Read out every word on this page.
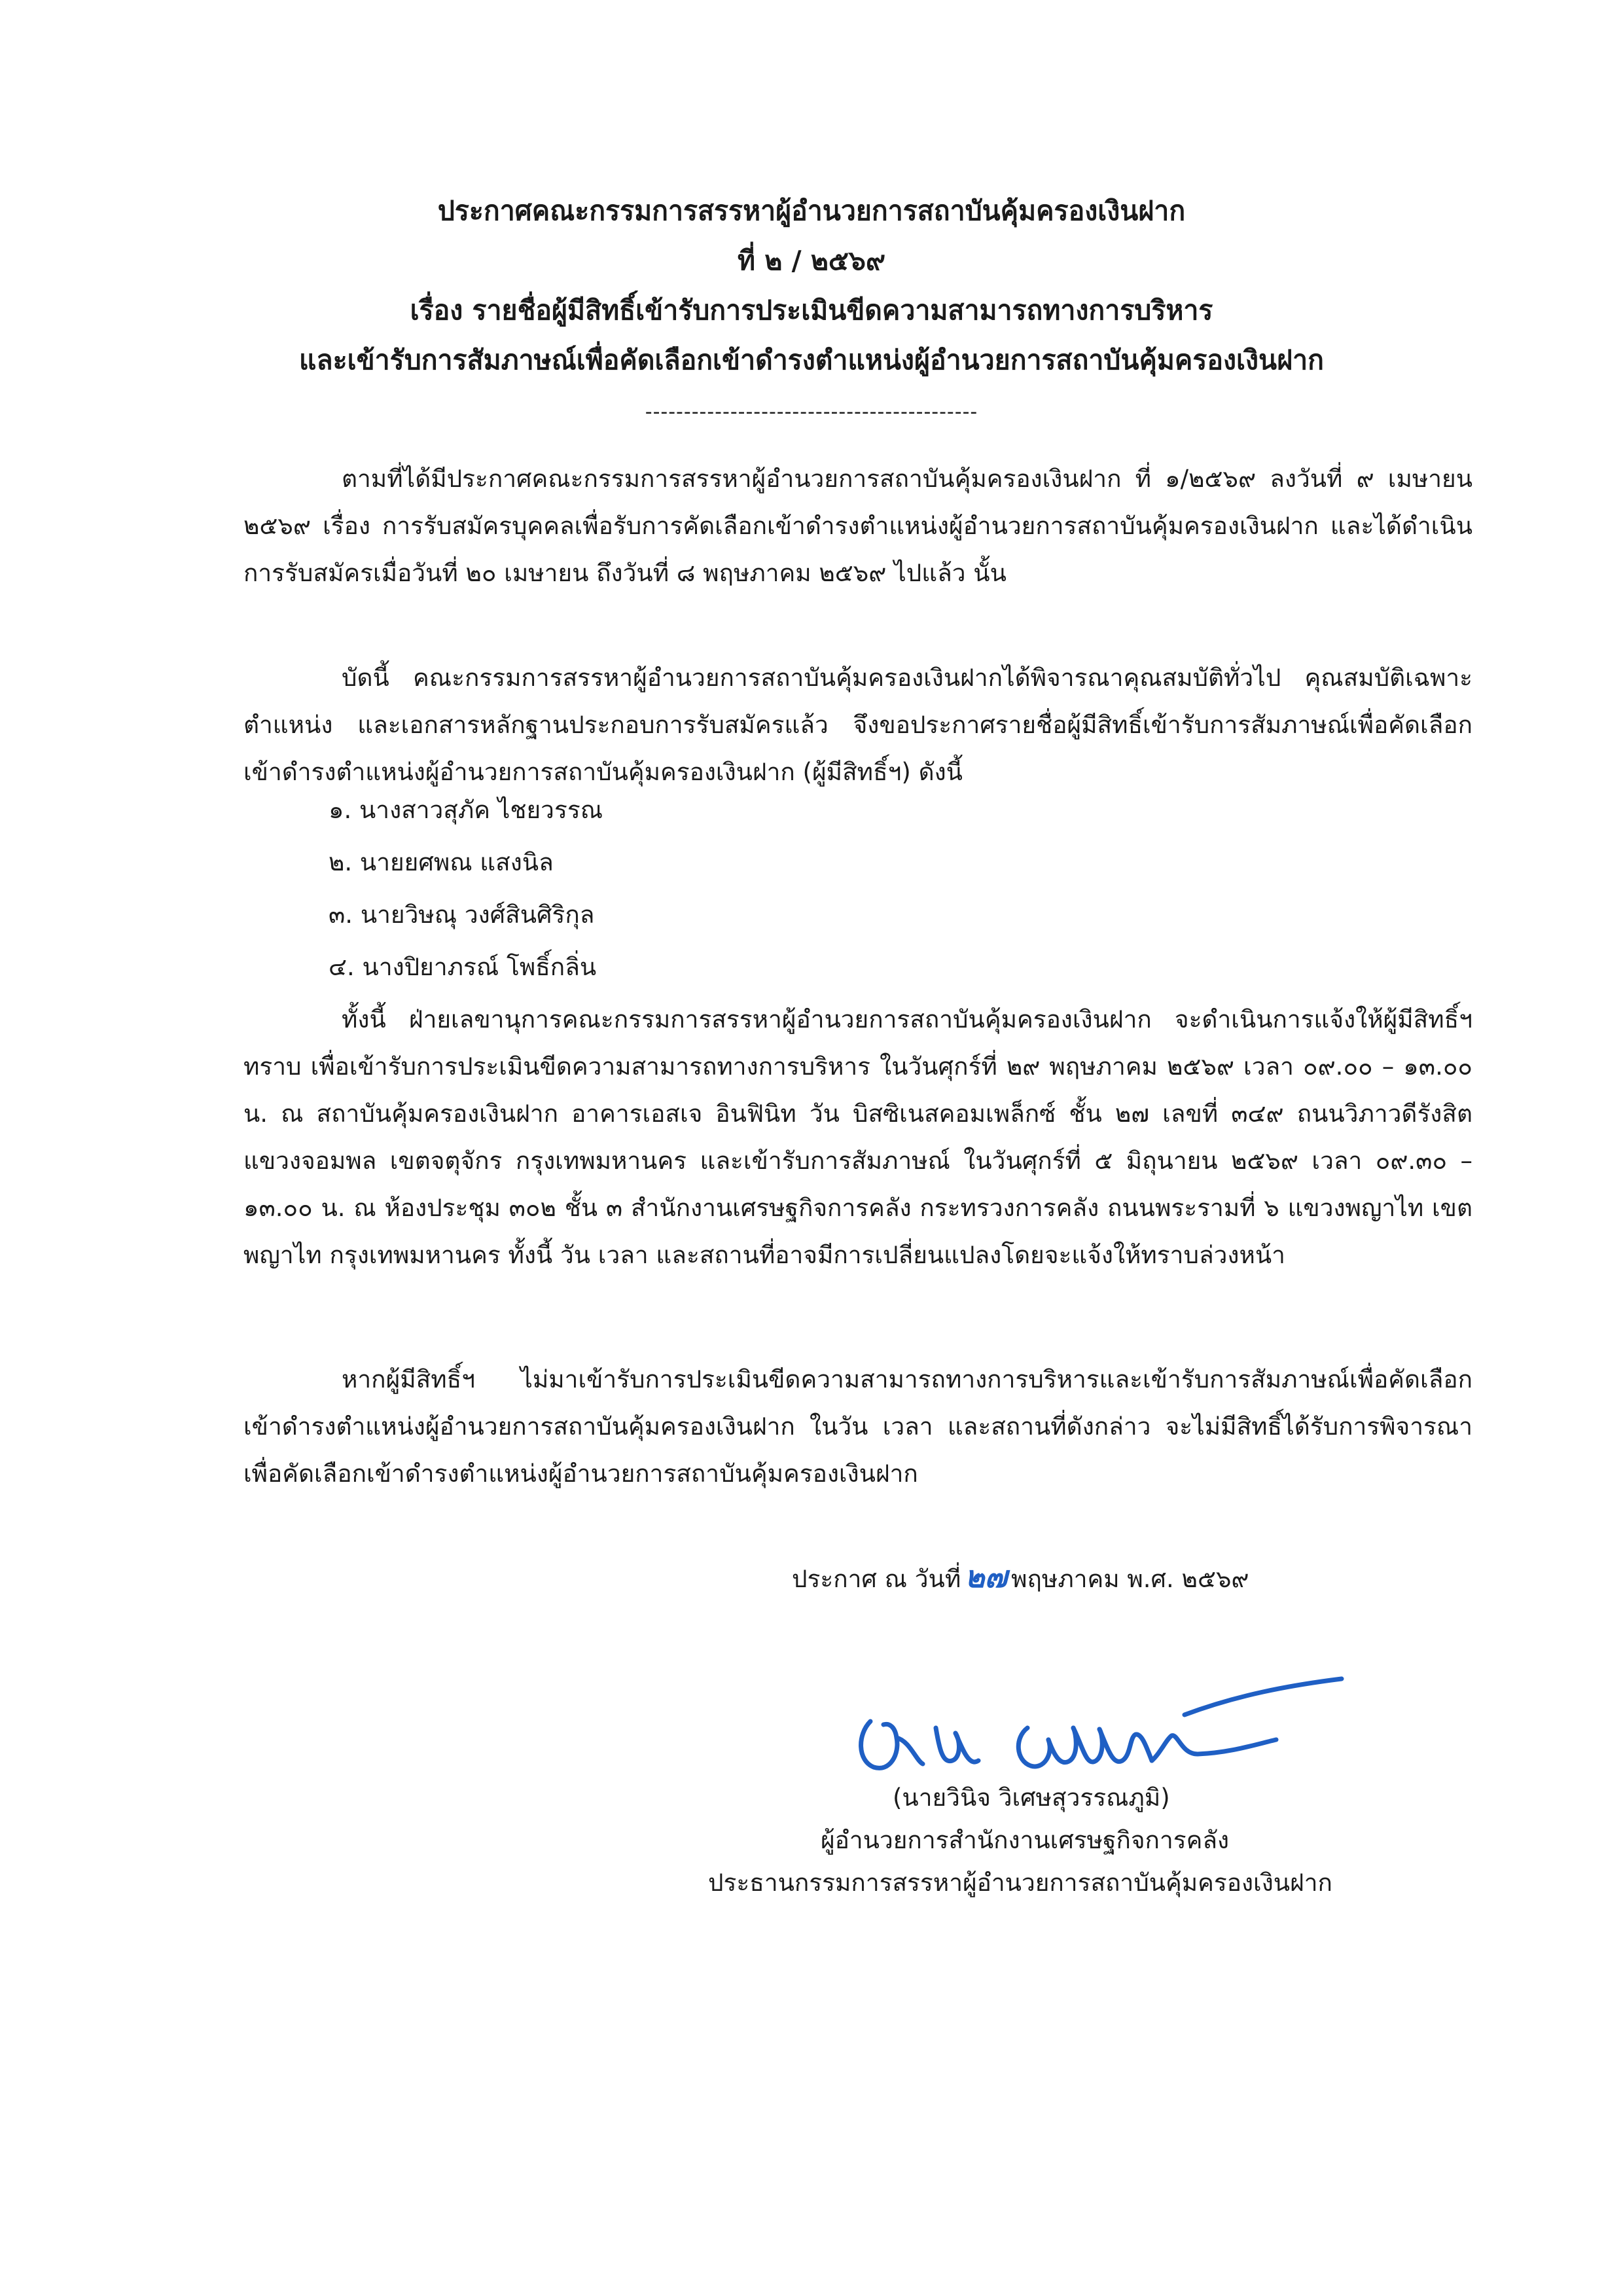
ประกาศคณะกรรมการสรรหาผู้อำนวยการสถาบันคุ้มครองเงินฝาก
ที่ ๒ / ๒๕๖๙
เรื่อง รายชื่อผู้มีสิทธิ์เข้ารับการประเมินขีดความสามารถทางการบริหาร
และเข้ารับการสัมภาษณ์เพื่อคัดเลือกเข้าดำรงตำแหน่งผู้อำนวยการสถาบันคุ้มครองเงินฝาก
-------------------------------------------
ตามที่ได้มีประกาศคณะกรรมการสรรหาผู้อำนวยการสถาบันคุ้มครองเงินฝาก ที่ ๑/๒๕๖๙ ลงวันที่ ๙ เมษายน ๒๕๖๙ เรื่อง การรับสมัครบุคคลเพื่อรับการคัดเลือกเข้าดำรงตำแหน่งผู้อำนวยการสถาบันคุ้มครองเงินฝาก และได้ดำเนินการรับสมัครเมื่อวันที่ ๒๐ เมษายน ถึงวันที่ ๘ พฤษภาคม ๒๕๖๙ ไปแล้ว นั้น
บัดนี้ คณะกรรมการสรรหาผู้อำนวยการสถาบันคุ้มครองเงินฝากได้พิจารณาคุณสมบัติทั่วไป คุณสมบัติเฉพาะตำแหน่ง และเอกสารหลักฐานประกอบการรับสมัครแล้ว จึงขอประกาศรายชื่อผู้มีสิทธิ์เข้ารับการสัมภาษณ์เพื่อคัดเลือกเข้าดำรงตำแหน่งผู้อำนวยการสถาบันคุ้มครองเงินฝาก (ผู้มีสิทธิ์ฯ) ดังนี้
๑. นางสาวสุภัค ไชยวรรณ
๒. นายยศพณ แสงนิล
๓. นายวิษณุ วงศ์สินศิริกุล
๔. นางปิยาภรณ์ โพธิ์กลิ่น
ทั้งนี้ ฝ่ายเลขานุการคณะกรรมการสรรหาผู้อำนวยการสถาบันคุ้มครองเงินฝาก จะดำเนินการแจ้งให้ผู้มีสิทธิ์ฯ ทราบ เพื่อเข้ารับการประเมินขีดความสามารถทางการบริหาร ในวันศุกร์ที่ ๒๙ พฤษภาคม ๒๕๖๙ เวลา ๐๙.๐๐ – ๑๓.๐๐ น. ณ สถาบันคุ้มครองเงินฝาก อาคารเอสเจ อินฟินิท วัน บิสซิเนสคอมเพล็กซ์ ชั้น ๒๗ เลขที่ ๓๔๙ ถนนวิภาวดีรังสิต แขวงจอมพล เขตจตุจักร กรุงเทพมหานคร และเข้ารับการสัมภาษณ์ ในวันศุกร์ที่ ๕ มิถุนายน ๒๕๖๙ เวลา ๐๙.๓๐ – ๑๓.๐๐ น. ณ ห้องประชุม ๓๐๒ ชั้น ๓ สำนักงานเศรษฐกิจการคลัง กระทรวงการคลัง ถนนพระรามที่ ๖ แขวงพญาไท เขตพญาไท กรุงเทพมหานคร ทั้งนี้ วัน เวลา และสถานที่อาจมีการเปลี่ยนแปลงโดยจะแจ้งให้ทราบล่วงหน้า
หากผู้มีสิทธิ์ฯ ไม่มาเข้ารับการประเมินขีดความสามารถทางการบริหารและเข้ารับการสัมภาษณ์เพื่อคัดเลือกเข้าดำรงตำแหน่งผู้อำนวยการสถาบันคุ้มครองเงินฝาก ในวัน เวลา และสถานที่ดังกล่าว จะไม่มีสิทธิ์ได้รับการพิจารณาเพื่อคัดเลือกเข้าดำรงตำแหน่งผู้อำนวยการสถาบันคุ้มครองเงินฝาก
ประกาศ ณ วันที่ ๒๗ พฤษภาคม พ.ศ. ๒๕๖๙
(นายวินิจ วิเศษสุวรรณภูมิ)
ผู้อำนวยการสำนักงานเศรษฐกิจการคลัง
ประธานกรรมการสรรหาผู้อำนวยการสถาบันคุ้มครองเงินฝาก
